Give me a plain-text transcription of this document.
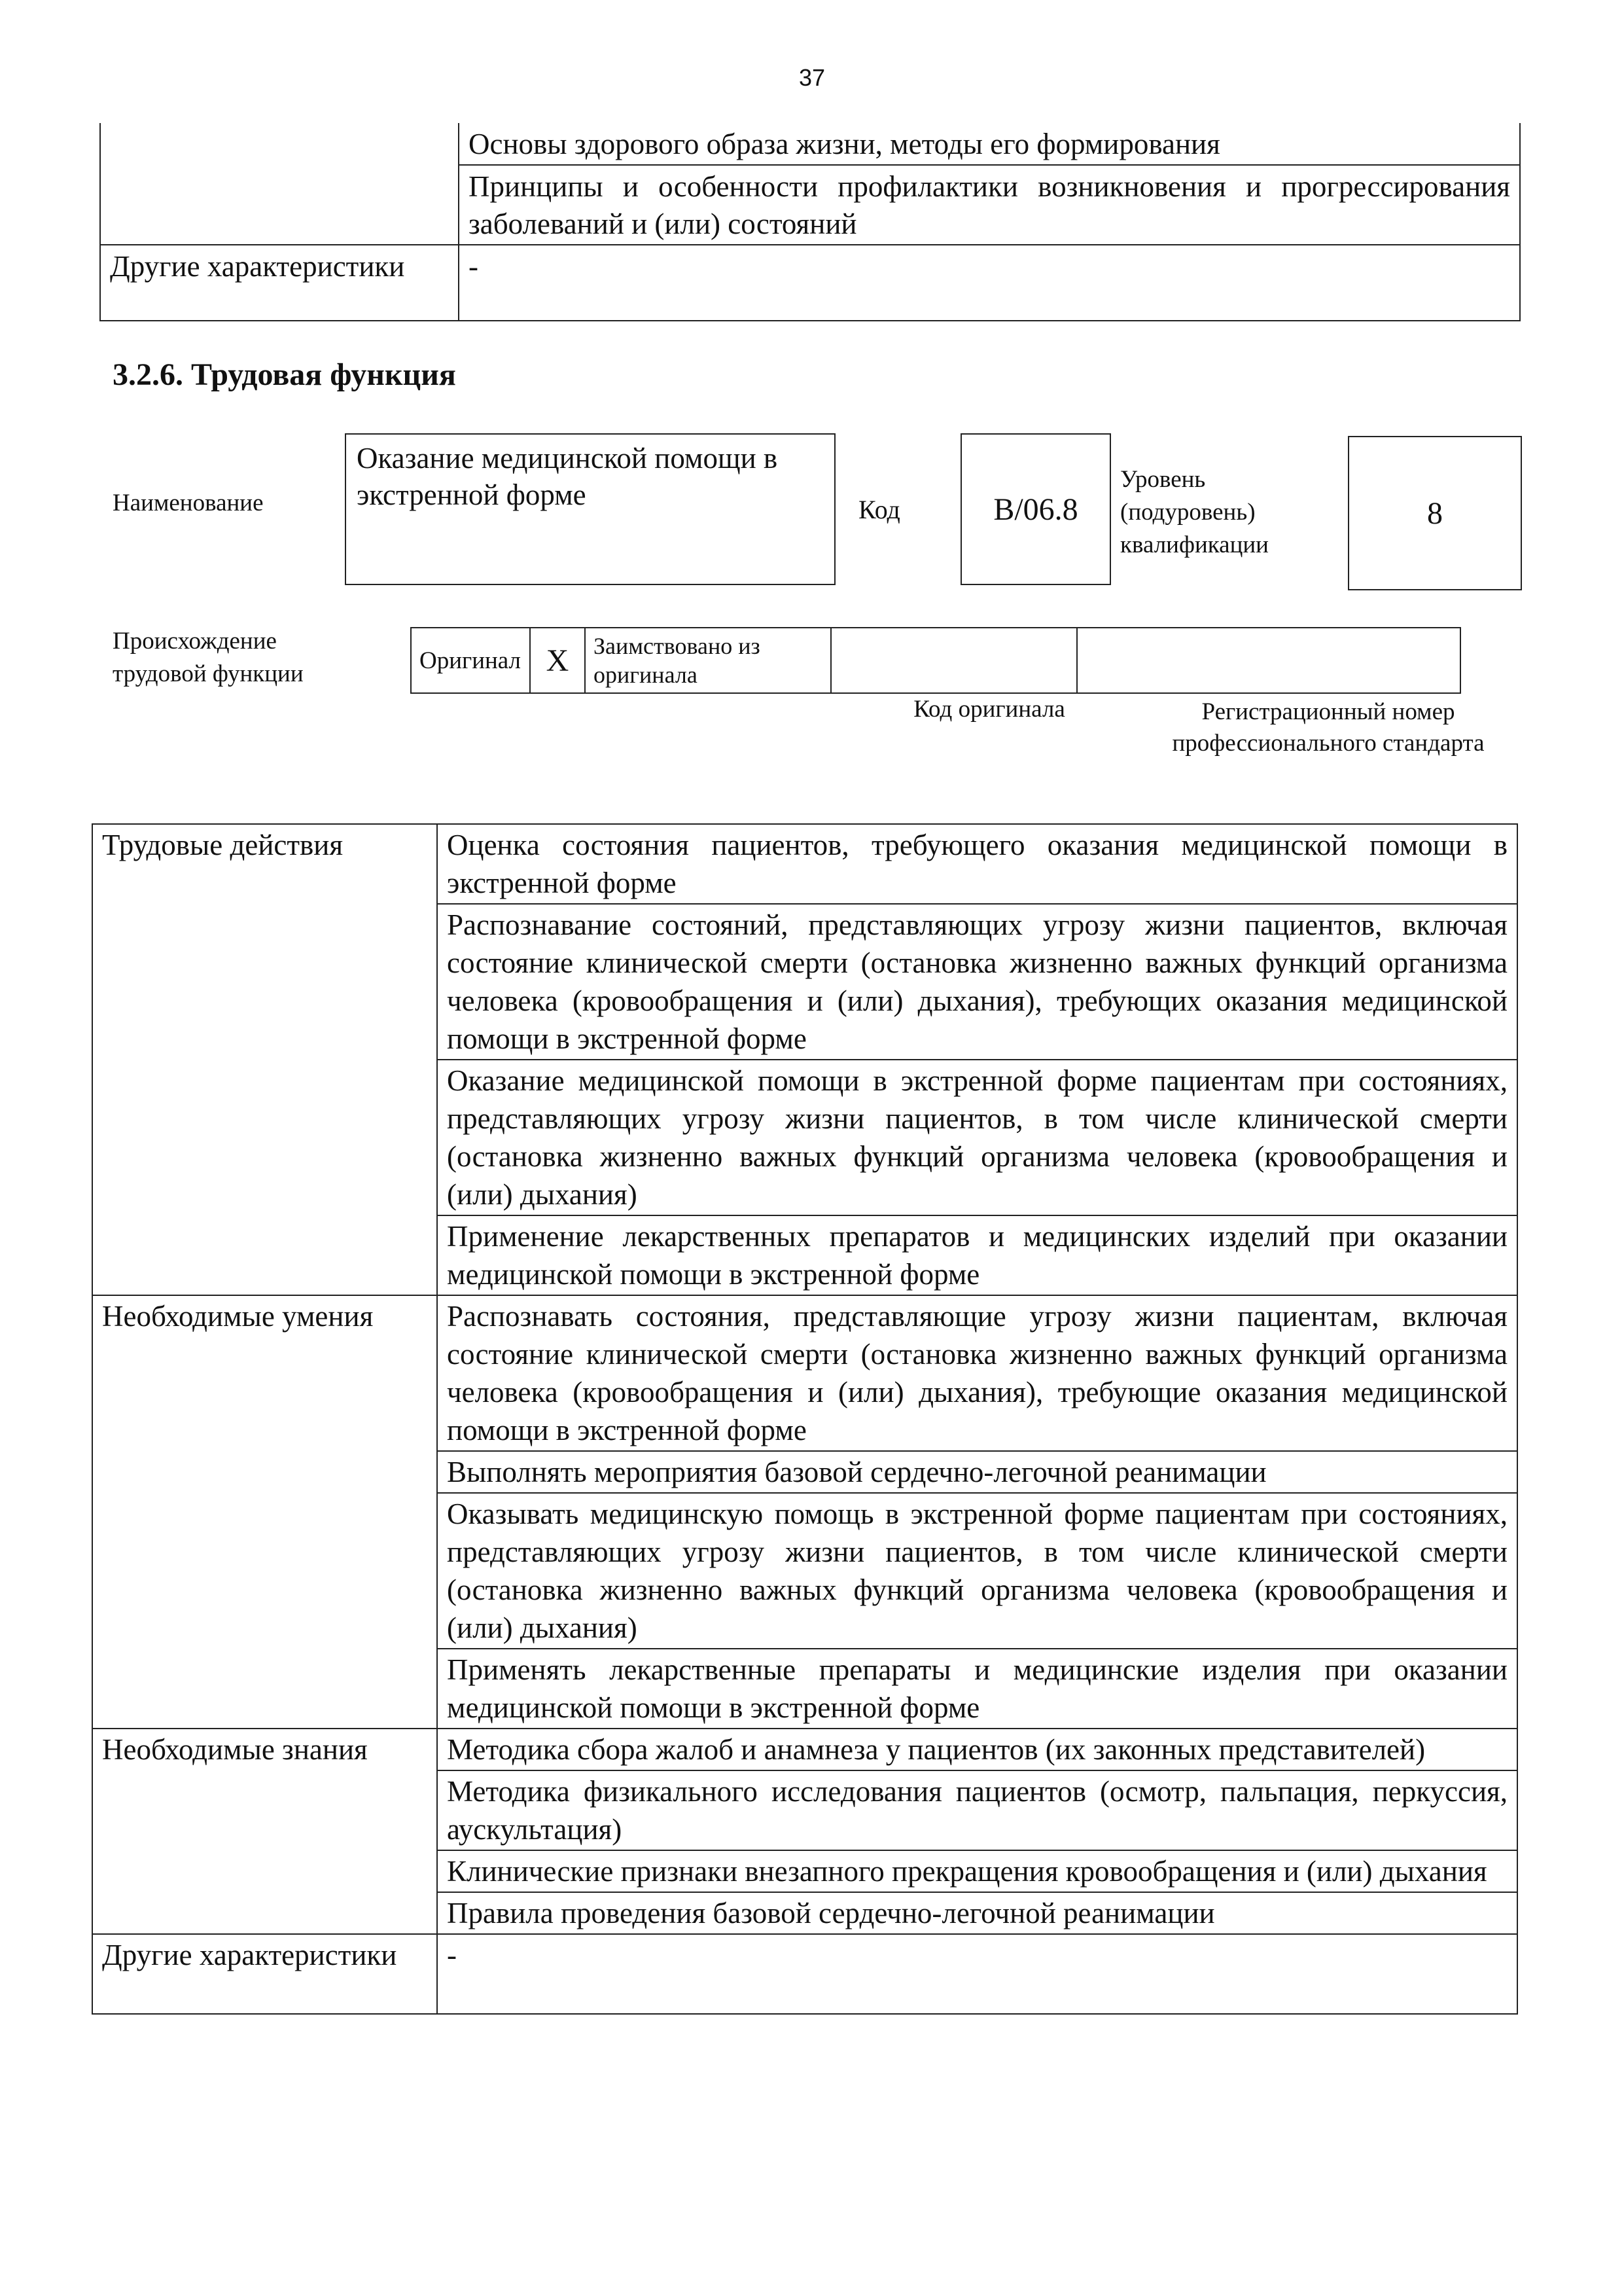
37
	Основы здорового образа жизни, методы его формирования
	Принципы и особенности профилактики возникновения и прогрессирования заболеваний и (или) состояний
Другие характеристики	-
3.2.6. Трудовая функция
Наименование
Оказание медицинской помощи в экстренной форме	Код	B/06.8
Уровень (подуровень) квалификации
8
Происхождение трудовой функции	Оригинал	X	Заимствовано из оригинала		
Код оригинала	Регистрационный номер профессионального стандарта
Трудовые действия	Оценка состояния пациентов, требующего оказания медицинской помощи в экстренной форме
	Распознавание состояний, представляющих угрозу жизни пациентов, включая состояние клинической смерти (остановка жизненно важных функций организма человека (кровообращения и (или) дыхания), требующих оказания медицинской помощи в экстренной форме
	Оказание медицинской помощи в экстренной форме пациентам при состояниях, представляющих угрозу жизни пациентов, в том числе клинической смерти (остановка жизненно важных функций организма человека (кровообращения и (или) дыхания)
	Применение лекарственных препаратов и медицинских изделий при оказании медицинской помощи в экстренной форме
Необходимые умения	Распознавать состояния, представляющие угрозу жизни пациентам, включая состояние клинической смерти (остановка жизненно важных функций организма человека (кровообращения и (или) дыхания), требующие оказания медицинской помощи в экстренной форме
	Выполнять мероприятия базовой сердечно-легочной реанимации
	Оказывать медицинскую помощь в экстренной форме пациентам при состояниях, представляющих угрозу жизни пациентов, в том числе клинической смерти (остановка жизненно важных функций организма человека (кровообращения и (или) дыхания)
	Применять лекарственные препараты и медицинские изделия при оказании медицинской помощи в экстренной форме
Необходимые знания	Методика сбора жалоб и анамнеза у пациентов (их законных представителей)
	Методика физикального исследования пациентов (осмотр, пальпация, перкуссия, аускультация)
	Клинические признаки внезапного прекращения кровообращения и (или) дыхания
	Правила проведения базовой сердечно-легочной реанимации
Другие характеристики	-
